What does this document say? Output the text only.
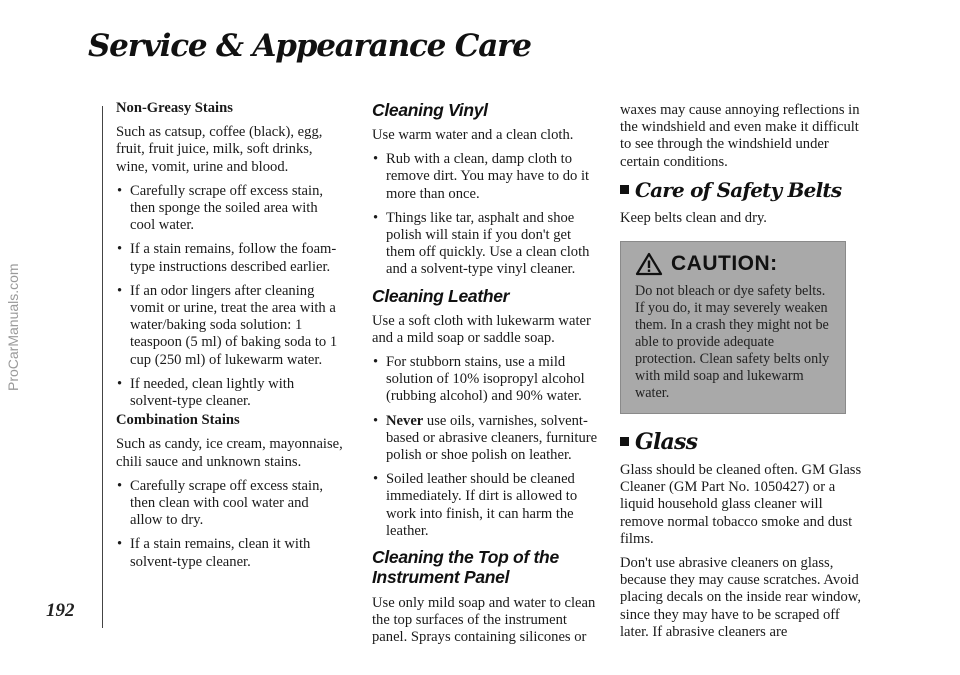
Service & Appearance Care
ProCarManuals.com
192
Non-Greasy Stains

Such as catsup, coffee (black), egg, fruit, fruit juice, milk, soft drinks, wine, vomit, urine and blood.

• Carefully scrape off excess stain, then sponge the soiled area with cool water.
• If a stain remains, follow the foam-type instructions described earlier.
• If an odor lingers after cleaning vomit or urine, treat the area with a water/baking soda solution: 1 teaspoon (5 ml) of baking soda to 1 cup (250 ml) of lukewarm water.
• If needed, clean lightly with solvent-type cleaner.
Combination Stains

Such as candy, ice cream, mayonnaise, chili sauce and unknown stains.

• Carefully scrape off excess stain, then clean with cool water and allow to dry.
• If a stain remains, clean it with solvent-type cleaner.
Cleaning Vinyl

Use warm water and a clean cloth.

• Rub with a clean, damp cloth to remove dirt. You may have to do it more than once.
• Things like tar, asphalt and shoe polish will stain if you don't get them off quickly. Use a clean cloth and a solvent-type vinyl cleaner.
Cleaning Leather

Use a soft cloth with lukewarm water and a mild soap or saddle soap.

• For stubborn stains, use a mild solution of 10% isopropyl alcohol (rubbing alcohol) and 90% water.
• Never use oils, varnishes, solvent-based or abrasive cleaners, furniture polish or shoe polish on leather.
• Soiled leather should be cleaned immediately. If dirt is allowed to work into finish, it can harm the leather.
Cleaning the Top of the
Instrument Panel

Use only mild soap and water to clean the top surfaces of the instrument panel. Sprays containing silicones or

waxes may cause annoying reflections in the windshield and even make it difficult to see through the windshield under certain conditions.

Care of Safety Belts

Keep belts clean and dry.

CAUTION:
Do not bleach or dye safety belts. If you do, it may severely weaken them. In a crash they might not be able to provide adequate protection. Clean safety belts only with mild soap and lukewarm water.
Glass

Glass should be cleaned often. GM Glass Cleaner (GM Part No. 1050427) or a liquid household glass cleaner will remove normal tobacco smoke and dust films.

Don't use abrasive cleaners on glass, because they may cause scratches. Avoid placing decals on the inside rear window, since they may have to be scraped off later. If abrasive cleaners are
